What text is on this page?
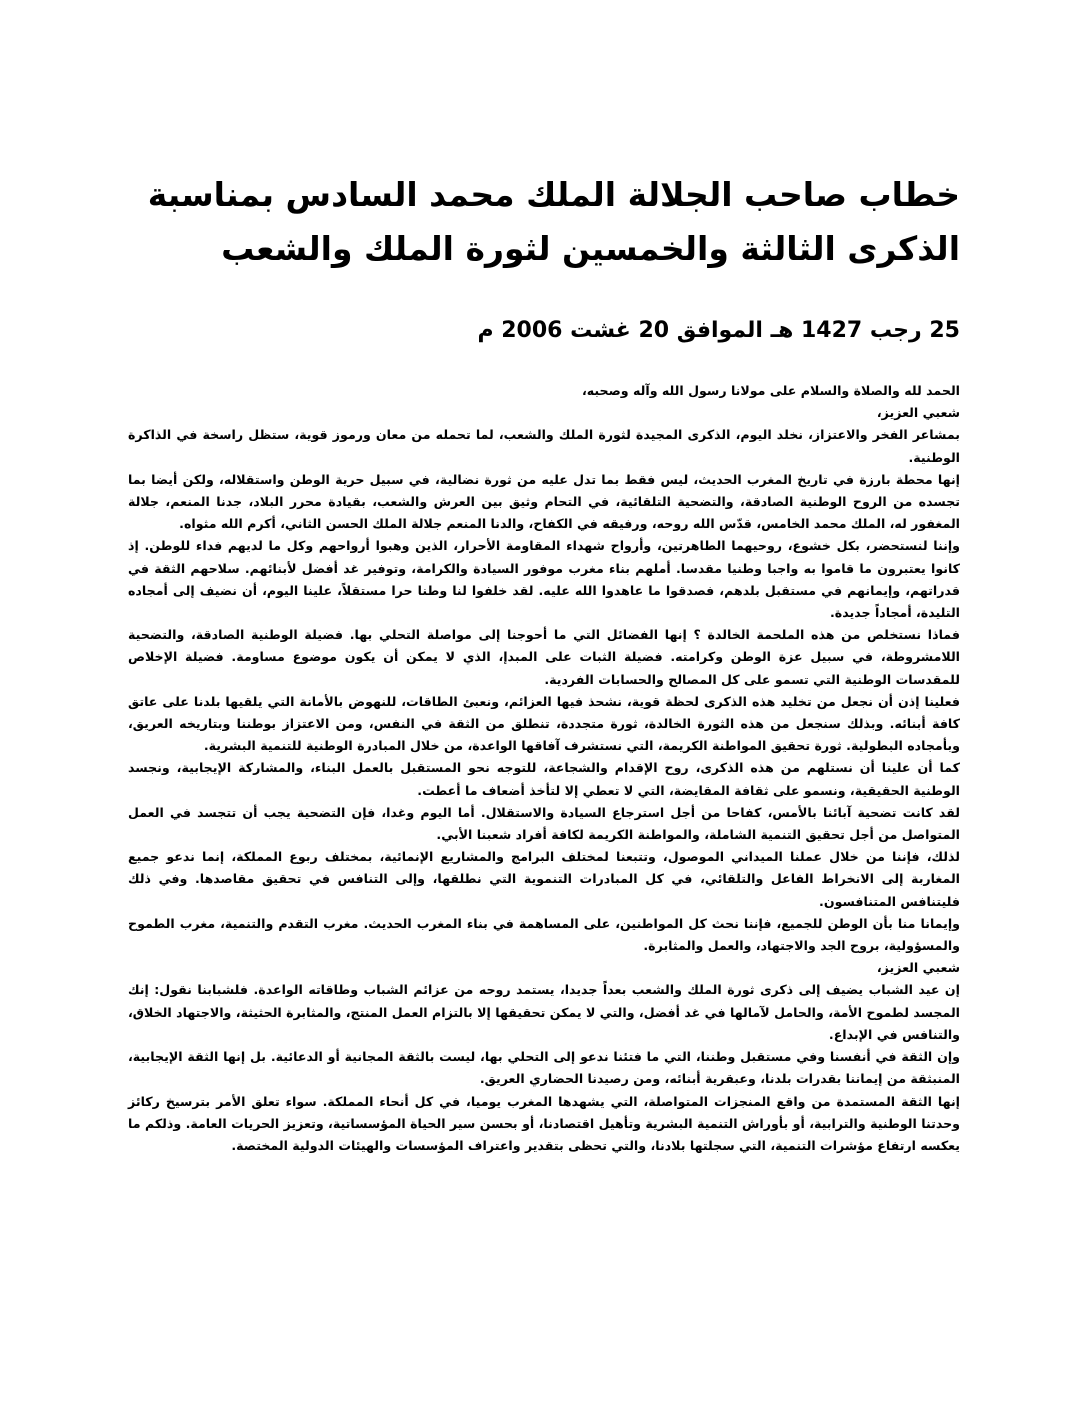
خطاب صاحب الجلالة الملك محمد السادس بمناسبة
الذكرى الثالثة والخمسين لثورة الملك والشعب
25 رجب 1427 هـ الموافق 20 غشت 2006 م

الحمد لله والصلاة والسلام على مولانا رسول الله وآله وصحبه،

شعبي العزيز،

بمشاعر الفخر والاعتزاز، نخلد اليوم، الذكرى المجيدة لثورة الملك والشعب، لما تحمله من معان ورموز قوية، ستظل راسخة في الذاكرة الوطنية.

إنها محطة بارزة في تاريخ المغرب الحديث، ليس فقط بما تدل عليه من ثورة نضالية، في سبيل حرية الوطن واستقلاله، ولكن أيضا بما تجسده من الروح الوطنية الصادقة، والتضحية التلقائية، في التحام وثيق بين العرش والشعب، بقيادة محرر البلاد، جدنا المنعم، جلالة المغفور له، الملك محمد الخامس، قدّس الله روحه، ورفيقه في الكفاح، والدنا المنعم جلالة الملك الحسن الثاني، أكرم الله مثواه.

وإننا لنستحضر، بكل خشوع، روحيهما الطاهرتين، وأرواح شهداء المقاومة الأحرار، الذين وهبوا أرواحهم وكل ما لديهم فداء للوطن. إذ كانوا يعتبرون ما قاموا به واجبا وطنيا مقدسا. أملهم بناء مغرب موفور السيادة والكرامة، وتوفير غد أفضل لأبنائهم. سلاحهم الثقة في قدراتهم، وإيمانهم في مستقبل بلدهم، فصدقوا ما عاهدوا الله عليه. لقد خلفوا لنا وطنا حرا مستقلاً، علينا اليوم، أن نضيف إلى أمجاده التليدة، أمجاداً جديدة.

فماذا نستخلص من هذه الملحمة الخالدة ؟ إنها الفضائل التي ما أحوجنا إلى مواصلة التحلي بها. فضيلة الوطنية الصادقة، والتضحية اللامشروطة، في سبيل عزة الوطن وكرامته. فضيلة الثبات على المبدإ، الذي لا يمكن أن يكون موضوع مساومة. فضيلة الإخلاص للمقدسات الوطنية التي تسمو على كل المصالح والحسابات الفردية.

فعلينا إذن أن نجعل من تخليد هذه الذكرى لحظة قوية، نشحذ فيها العزائم، ونعبئ الطاقات، للنهوض بالأمانة التي يلقيها بلدنا على عاتق كافة أبنائه. وبذلك سنجعل من هذه الثورة الخالدة، ثورة متجددة، تنطلق من الثقة في النفس، ومن الاعتزاز بوطننا وبتاريخه العريق، وبأمجاده البطولية. ثورة تحقيق المواطنة الكريمة، التي نستشرف آفاقها الواعدة، من خلال المبادرة الوطنية للتنمية البشرية.

كما أن علينا أن نستلهم من هذه الذكرى، روح الإقدام والشجاعة، للتوجه نحو المستقبل بالعمل البناء، والمشاركة الإيجابية، ونجسد الوطنية الحقيقية، ونسمو على ثقافة المقايضة، التي لا تعطي إلا لتأخذ أضعاف ما أعطت.

لقد كانت تضحية آبائنا بالأمس، كفاحا من أجل استرجاع السيادة والاستقلال. أما اليوم وغدا، فإن التضحية يجب أن تتجسد في العمل المتواصل من أجل تحقيق التنمية الشاملة، والمواطنة الكريمة لكافة أفراد شعبنا الأبي.

لذلك، فإننا من خلال عملنا الميداني الموصول، وتتبعنا لمختلف البرامج والمشاريع الإنمائية، بمختلف ربوع المملكة، إنما ندعو جميع المغاربة إلى الانخراط الفاعل والتلقائي، في كل المبادرات التنموية التي نطلقها، وإلى التنافس في تحقيق مقاصدها. وفي ذلك فليتنافس المتنافسون.

وإيمانا منا بأن الوطن للجميع، فإننا نحث كل المواطنين، على المساهمة في بناء المغرب الحديث. مغرب التقدم والتنمية، مغرب الطموح والمسؤولية، بروح الجد والاجتهاد، والعمل والمثابرة.

شعبي العزيز،

إن عيد الشباب يضيف إلى ذكرى ثورة الملك والشعب بعداً جديدا، يستمد روحه من عزائم الشباب وطاقاته الواعدة. فلشبابنا نقول: إنك المجسد لطموح الأمة، والحامل لآمالها في غد أفضل، والتي لا يمكن تحقيقها إلا بالتزام العمل المنتج، والمثابرة الحثيثة، والاجتهاد الخلاق، والتنافس في الإبداع.

وإن الثقة في أنفسنا وفي مستقبل وطننا، التي ما فتئنا ندعو إلى التحلي بها، ليست بالثقة المجانية أو الدعائية. بل إنها الثقة الإيجابية، المنبثقة من إيماننا بقدرات بلدنا، وعبقرية أبنائه، ومن رصيدنا الحضاري العريق.

إنها الثقة المستمدة من واقع المنجزات المتواصلة، التي يشهدها المغرب يوميا، في كل أنحاء المملكة. سواء تعلق الأمر بترسيخ ركائز وحدتنا الوطنية والترابية، أو بأوراش التنمية البشرية وتأهيل اقتصادنا، أو بحسن سير الحياة المؤسساتية، وتعزيز الحريات العامة. وذلكم ما يعكسه ارتفاع مؤشرات التنمية، التي سجلتها بلادنا، والتي تحظى بتقدير واعتراف المؤسسات والهيئات الدولية المختصة.
